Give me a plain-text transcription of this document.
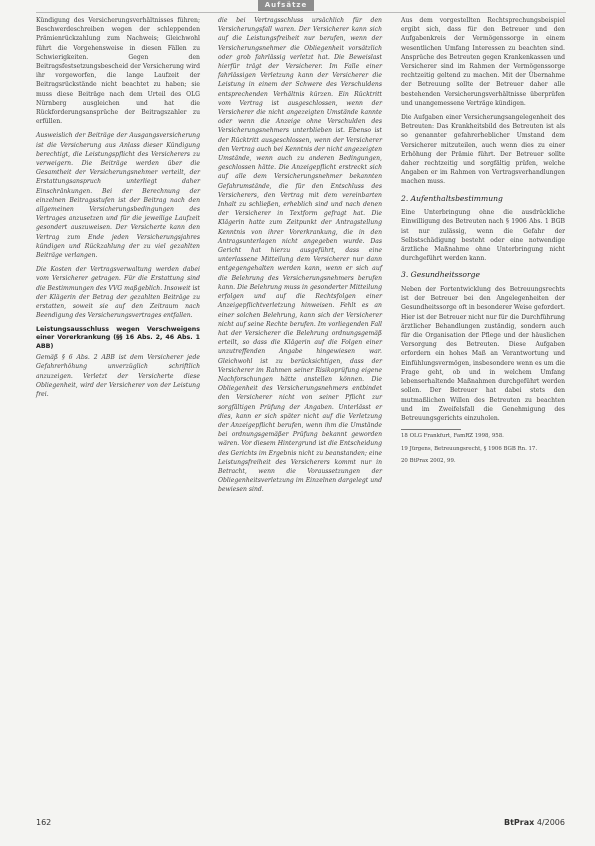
Aufsätze

Kündigung des Versicherungsverhältnisses führen; Beschwerdeschreiben wegen der schleppenden Prämienrückzahlung zum Nachweis; Gleichwohl führt die Vorgehensweise in diesen Fällen zu Schwierigkeiten. Gegen den Beitragsfestsetzungsbescheid der Versicherung wird ihr vorgeworfen, die lange Laufzeit der Beitragsrückstände nicht beachtet zu haben; sie muss diese Beiträge nach dem Urteil des OLG Nürnberg ausgleichen und hat die Rückforderungsansprüche der Beitragszahler zu erfüllen.

Ausweislich der Beiträge der Ausgangsversicherung ist die Versicherung aus Anlass dieser Kündigung berechtigt, die Leistungspflicht des Versicherers zu verweigern. Die Beiträge werden über die Gesamtheit der Versicherungsnehmer verteilt, der Erstattungsanspruch unterliegt daher Einschränkungen. Bei der Berechnung der einzelnen Beitragsstufen ist der Beitrag nach den allgemeinen Versicherungsbedingungen des Vertrages anzusetzen und für die jeweilige Laufzeit gesondert auszuweisen. Der Versicherte kann den Vertrag zum Ende jeden Versicherungsjahres kündigen und Rückzahlung der zu viel gezahlten Beiträge verlangen.

Die Kosten der Vertragsverwaltung werden dabei vom Versicherer getragen. Für die Erstattung sind die Bestimmungen des VVG maßgeblich. Insoweit ist der Klägerin der Betrag der gezahlten Beiträge zu erstatten, soweit sie auf den Zeitraum nach Beendigung des Versicherungsvertrages entfallen.

Leistungsausschluss wegen Verschweigens einer Vorerkrankung (§§ 16 Abs. 2, 46 Abs. 1 ABB)

Gemäß § 6 Abs. 2 ABB ist dem Versicherer jede Gefahrerhöhung unverzüglich schriftlich anzuzeigen. Verletzt der Versicherte diese Obliegenheit, wird der Versicherer von der Leistung frei.

die bei Vertragsschluss ursächlich für den Versicherungsfall waren. Der Versicherer kann sich auf die Leistungsfreiheit nur berufen, wenn der Versicherungsnehmer die Obliegenheit vorsätzlich oder grob fahrlässig verletzt hat. Die Beweislast hierfür trägt der Versicherer. Im Falle einer fahrlässigen Verletzung kann der Versicherer die Leistung in einem der Schwere des Verschuldens entsprechenden Verhältnis kürzen. Ein Rücktritt vom Vertrag ist ausgeschlossen, wenn der Versicherer die nicht angezeigten Umstände kannte oder wenn die Anzeige ohne Verschulden des Versicherungsnehmers unterblieben ist. Ebenso ist der Rücktritt ausgeschlossen, wenn der Versicherer den Vertrag auch bei Kenntnis der nicht angezeigten Umstände, wenn auch zu anderen Bedingungen, geschlossen hätte. Die Anzeigepflicht erstreckt sich auf alle dem Versicherungsnehmer bekannten Gefahrumstände, die für den Entschluss des Versicherers, den Vertrag mit dem vereinbarten Inhalt zu schließen, erheblich sind und nach denen der Versicherer in Textform gefragt hat. Die Klägerin hatte zum Zeitpunkt der Antragstellung Kenntnis von ihrer Vorerkrankung, die in den Antragsunterlagen nicht angegeben wurde. Das Gericht hat hierzu ausgeführt, dass eine unterlassene Mitteilung dem Versicherer nur dann entgegengehalten werden kann, wenn er sich auf die Belehrung des Versicherungsnehmers berufen kann. Die Belehrung muss in gesonderter Mitteilung erfolgen und auf die Rechtsfolgen einer Anzeigepflichtverletzung hinweisen. Fehlt es an einer solchen Belehrung, kann sich der Versicherer nicht auf seine Rechte berufen. Im vorliegenden Fall hat der Versicherer die Belehrung ordnungsgemäß erteilt, so dass die Klägerin auf die Folgen einer unzutreffenden Angabe hingewiesen war. Gleichwohl ist zu berücksichtigen, dass der Versicherer im Rahmen seiner Risikoprüfung eigene Nachforschungen hätte anstellen können. Die Obliegenheit des Versicherungsnehmers entbindet den Versicherer nicht von seiner Pflicht zur sorgfältigen Prüfung der Angaben. Unterlässt er dies, kann er sich später nicht auf die Verletzung der Anzeigepflicht berufen, wenn ihm die Umstände bei ordnungsgemäßer Prüfung bekannt geworden wären. Vor diesem Hintergrund ist die Entscheidung des Gerichts im Ergebnis nicht zu beanstanden; eine Leistungsfreiheit des Versicherers kommt nur in Betracht, wenn die Voraussetzungen der Obliegenheitsverletzung im Einzelnen dargelegt und bewiesen sind.

Aus dem vorgestellten Rechtsprechungsbeispiel ergibt sich, dass für den Betreuer und den Aufgabenkreis der Vermögenssorge in einem wesentlichen Umfang Interessen zu beachten sind. Ansprüche des Betreuten gegen Krankenkassen und Versicherer sind im Rahmen der Vermögenssorge rechtzeitig geltend zu machen. Mit der Übernahme der Betreuung sollte der Betreuer daher alle bestehenden Versicherungsverhältnisse überprüfen und unangemessene Verträge kündigen.

Die Aufgaben einer Versicherungsangelegenheit des Betreuten: Das Krankheitsbild des Betreuten ist als so genannter gefahrerheblicher Umstand dem Versicherer mitzuteilen, auch wenn dies zu einer Erhöhung der Prämie führt. Der Betreuer sollte daher rechtzeitig und sorgfältig prüfen, welche Angaben er im Rahmen von Vertragsverhandlungen machen muss.

2. Aufenthaltsbestimmung

Eine Unterbringung ohne die ausdrückliche Einwilligung des Betreuten nach § 1906 Abs. 1 BGB ist nur zulässig, wenn die Gefahr der Selbstschädigung besteht oder eine notwendige ärztliche Maßnahme ohne Unterbringung nicht durchgeführt werden kann.

3. Gesundheitssorge

Neben der Fortentwicklung des Betreuungsrechts ist der Betreuer bei den Angelegenheiten der Gesundheitssorge oft in besonderer Weise gefordert. Hier ist der Betreuer nicht nur für die Durchführung ärztlicher Behandlungen zuständig, sondern auch für die Organisation der Pflege und der häuslichen Versorgung des Betreuten. Diese Aufgaben erfordern ein hohes Maß an Verantwortung und Einfühlungsvermögen, insbesondere wenn es um die Frage geht, ob und in welchem Umfang lebenserhaltende Maßnahmen durchgeführt werden sollen. Der Betreuer hat dabei stets den mutmaßlichen Willen des Betreuten zu beachten und im Zweifelsfall die Genehmigung des Betreuungsgerichts einzuholen.

18 OLG Frankfurt, FamRZ 1998, 958.

19 Jürgens, Betreuungsrecht, § 1906 BGB Rn. 17.

20 BtPrax 2002, 99.

162	BtPrax 4/2006
